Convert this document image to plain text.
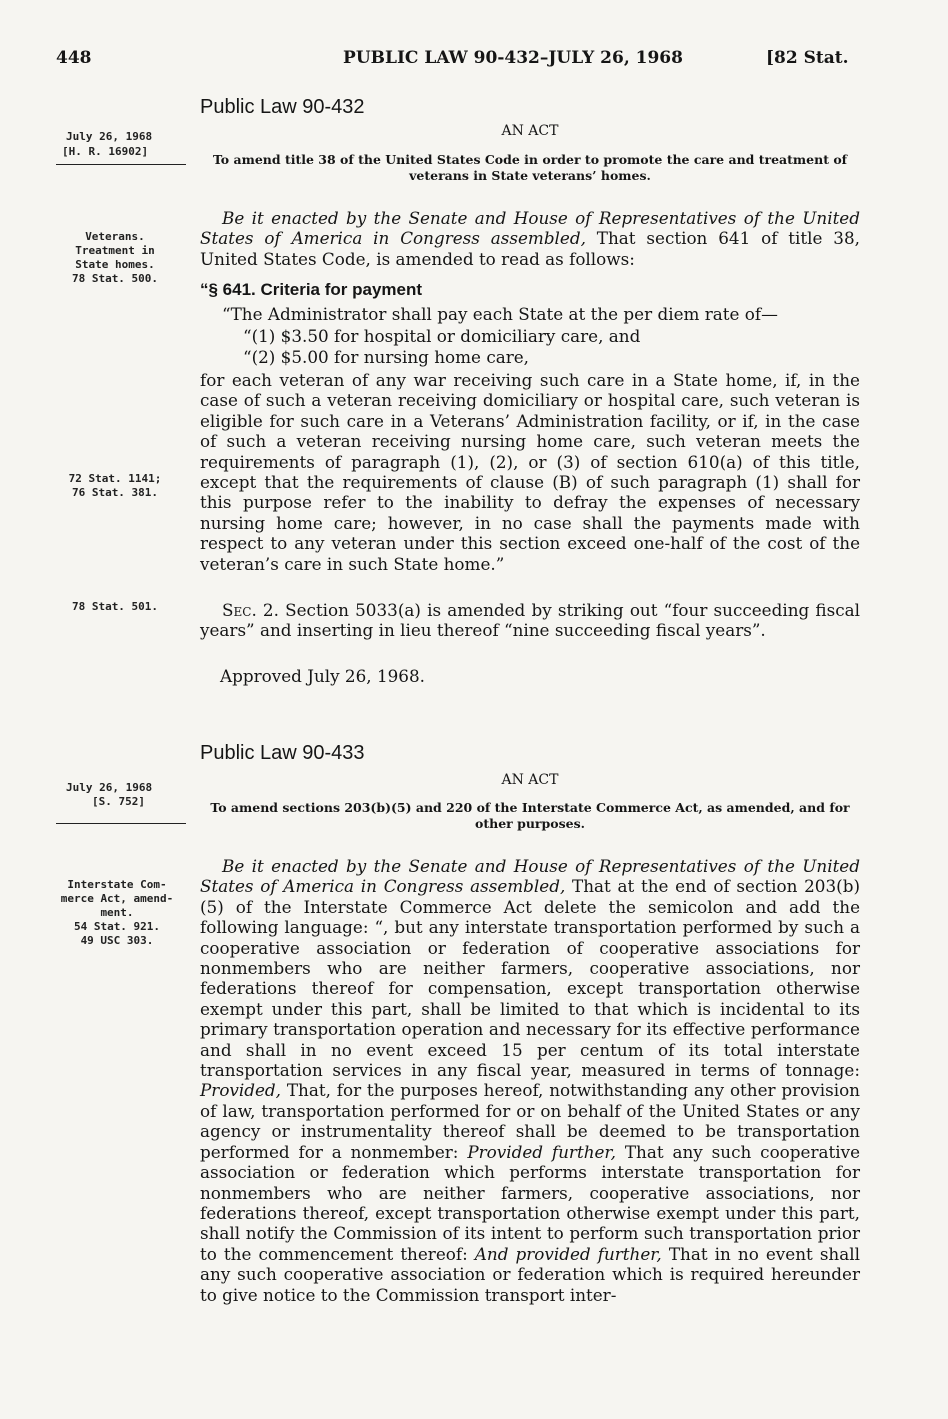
448	PUBLIC LAW 90-432–JULY 26, 1968	[82 Stat.
Public Law 90-432
July 26, 1968
[H. R. 16902]
AN ACT
To amend title 38 of the United States Code in order to promote the care and treatment of veterans in State veterans’ homes.
Veterans.
Treatment in
State homes.
78 Stat. 500.

Be it enacted by the Senate and House of Representatives of the United States of America in Congress assembled, That section 641 of title 38, United States Code, is amended to read as follows:

“§ 641. Criteria for payment
“The Administrator shall pay each State at the per diem rate of—
“(1) $3.50 for hospital or domiciliary care, and
“(2) $5.00 for nursing home care,

for each veteran of any war receiving such care in a State home, if, in the case of such a veteran receiving domiciliary or hospital care, such veteran is eligible for such care in a Veterans’ Administration facility, or if, in the case of such a veteran receiving nursing home care, such veteran meets the requirements of paragraph (1), (2), or (3) of section 610(a) of this title, except that the requirements of clause (B) of such paragraph (1) shall for this purpose refer to the inability to defray the expenses of necessary nursing home care; however, in no case shall the payments made with respect to any veteran under this section exceed one-half of the cost of the veteran’s care in such State home.”

72 Stat. 1141;
76 Stat. 381.
78 Stat. 501.	Sec. 2. Section 5033(a) is amended by striking out “four succeeding fiscal years” and inserting in lieu thereof “nine succeeding fiscal years”.

Approved July 26, 1968.
Public Law 90-433
July 26, 1968
[S. 752]
AN ACT
To amend sections 203(b)(5) and 220 of the Interstate Commerce Act, as amended, and for other purposes.
Interstate Com-
merce Act, amend-
ment.
54 Stat. 921.
49 USC 303.

Be it enacted by the Senate and House of Representatives of the United States of America in Congress assembled, That at the end of section 203(b)(5) of the Interstate Commerce Act delete the semicolon and add the following language: “, but any interstate transportation performed by such a cooperative association or federation of cooperative associations for nonmembers who are neither farmers, cooperative associations, nor federations thereof for compensation, except transportation otherwise exempt under this part, shall be limited to that which is incidental to its primary transportation operation and necessary for its effective performance and shall in no event exceed 15 per centum of its total interstate transportation services in any fiscal year, measured in terms of tonnage: Provided, That, for the purposes hereof, notwithstanding any other provision of law, transportation performed for or on behalf of the United States or any agency or instrumentality thereof shall be deemed to be transportation performed for a nonmember: Provided further, That any such cooperative association or federation which performs interstate transportation for nonmembers who are neither farmers, cooperative associations, nor federations thereof, except transportation otherwise exempt under this part, shall notify the Commission of its intent to perform such transportation prior to the commencement thereof: And provided further, That in no event shall any such cooperative association or federation which is required hereunder to give notice to the Commission transport inter-
